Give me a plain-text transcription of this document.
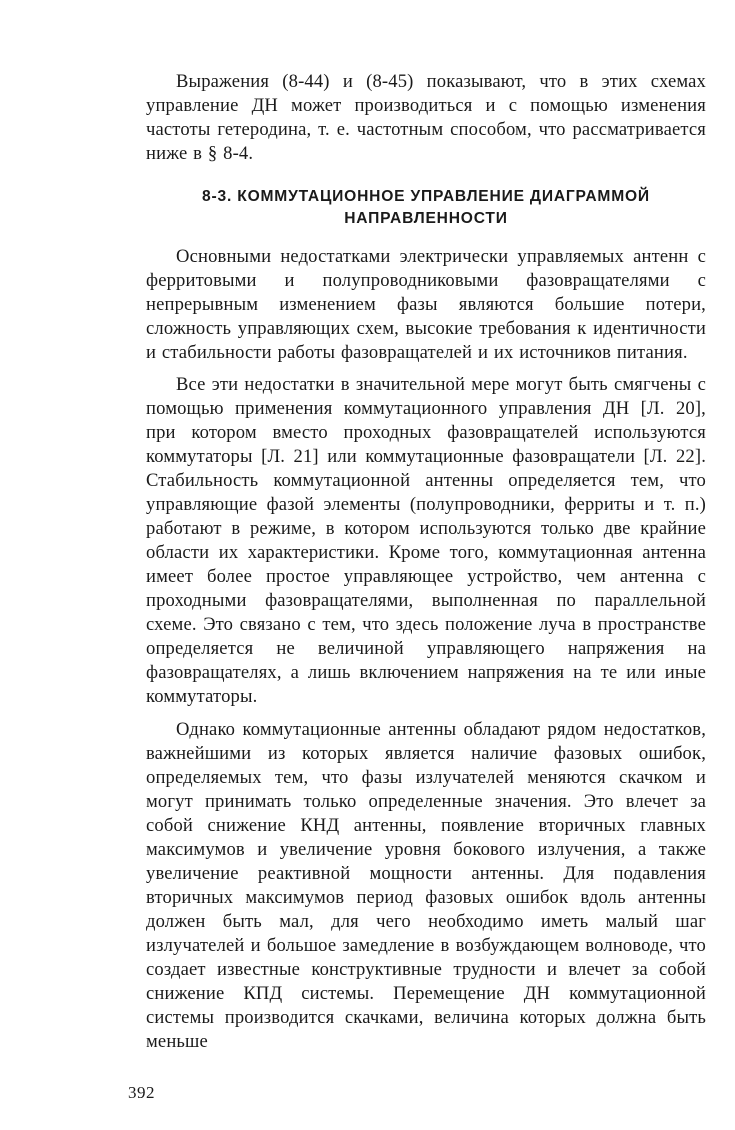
Выражения (8-44) и (8-45) показывают, что в этих схемах управление ДН может производиться и с помощью изменения частоты гетеродина, т. е. частотным способом, что рассматривается ниже в § 8-4.

8-3. КОММУТАЦИОННОЕ УПРАВЛЕНИЕ ДИАГРАММОЙ
НАПРАВЛЕННОСТИ

Основными недостатками электрически управляемых антенн с ферритовыми и полупроводниковыми фазовращателями с непрерывным изменением фазы являются большие потери, сложность управляющих схем, высокие требования к идентичности и стабильности работы фазовращателей и их источников питания.

Все эти недостатки в значительной мере могут быть смягчены с помощью применения коммутационного управления ДН [Л. 20], при котором вместо проходных фазовращателей используются коммутаторы [Л. 21] или коммутационные фазовращатели [Л. 22]. Стабильность коммутационной антенны определяется тем, что управляющие фазой элементы (полупроводники, ферриты и т. п.) работают в режиме, в котором используются только две крайние области их характеристики. Кроме того, коммутационная антенна имеет более простое управляющее устройство, чем антенна с проходными фазовращателями, выполненная по параллельной схеме. Это связано с тем, что здесь положение луча в пространстве определяется не величиной управляющего напряжения на фазовращателях, а лишь включением напряжения на те или иные коммутаторы.

Однако коммутационные антенны обладают рядом недостатков, важнейшими из которых является наличие фазовых ошибок, определяемых тем, что фазы излучателей меняются скачком и могут принимать только определенные значения. Это влечет за собой снижение КНД антенны, появление вторичных главных максимумов и увеличение уровня бокового излучения, а также увеличение реактивной мощности антенны. Для подавления вторичных максимумов период фазовых ошибок вдоль антенны должен быть мал, для чего необходимо иметь малый шаг излучателей и большое замедление в возбуждающем волноводе, что создает известные конструктивные трудности и влечет за собой снижение КПД системы. Перемещение ДН коммутационной системы производится скачками, величина которых должна быть меньше

392
